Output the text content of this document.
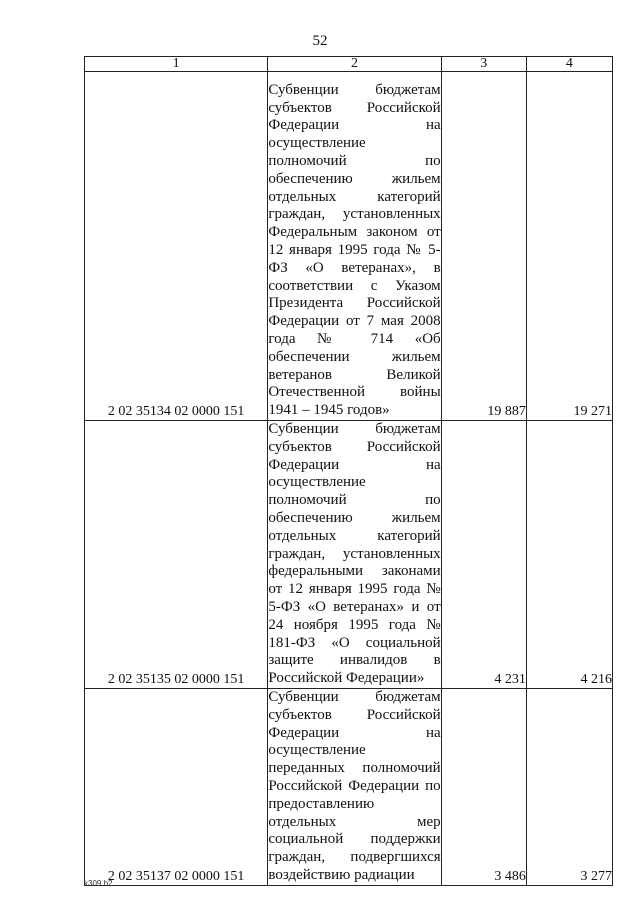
52
1	2	3	4
2 02 35134 02 0000 151	Субвенции бюджетам субъектов Российской Федерации на осуществление полномочий по обеспечению жильем отдельных категорий граждан, установленных Федеральным законом от 12 января 1995 года № 5-ФЗ «О ветеранах», в соответствии с Указом Президента Российской Федерации от 7 мая 2008 года № 714 «Об обеспечении жильем ветеранов Великой Отечественной войны 1941 – 1945 годов»	19 887	19 271
2 02 35135 02 0000 151	Субвенции бюджетам субъектов Российской Федерации на осуществление полномочий по обеспечению жильем отдельных категорий граждан, установленных федеральными законами от 12 января 1995 года № 5-ФЗ «О ветеранах» и от 24 ноября 1995 года № 181-ФЗ «О социальной защите инвалидов в Российской Федерации»	4 231	4 216
2 02 35137 02 0000 151	Субвенции бюджетам субъектов Российской Федерации на осуществление переданных полномочий Российской Федерации по предоставлению отдельных мер социальной поддержки граждан, подвергшихся воздействию радиации	3 486	3 277
k309 b2
